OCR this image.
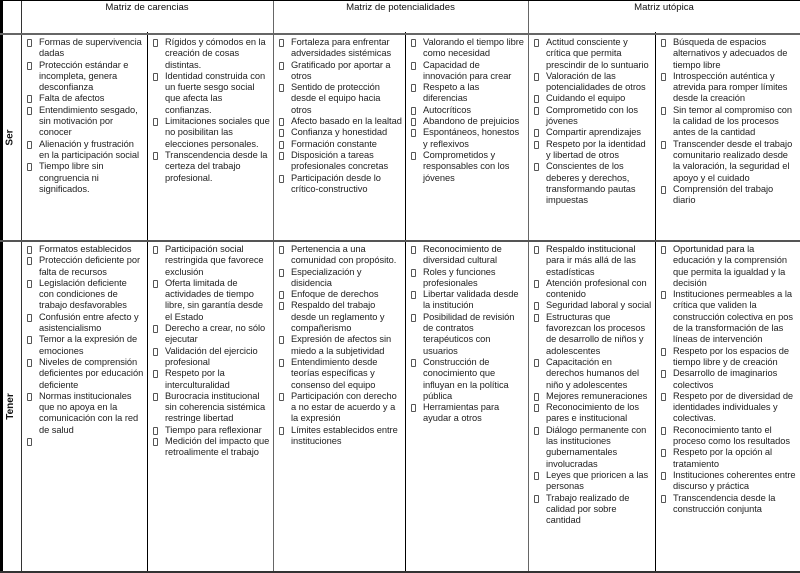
Matriz de carencias	Matriz de potencialidades	Matriz utópica
Ser
Tener
Formas de supervivencia dadas
Protección estándar e incompleta, genera desconfianza
Falta de afectos
Entendimiento sesgado, sin motivación por conocer
Alienación y frustración en la participación social
Tiempo libre sin congruencia ni significados.
Rígidos y cómodos en la creación de cosas distintas.
Identidad construida con un fuerte sesgo social que afecta las confianzas.
Limitaciones sociales que no posibilitan las elecciones personales.
Transcendencia desde la certeza del trabajo profesional.
Fortaleza para enfrentar adversidades sistémicas
Gratificado por aportar a otros
Sentido de protección desde el equipo hacia otros
Afecto basado en la lealtad
Confianza y honestidad
Formación constante
Disposición a tareas profesionales concretas
Participación desde lo crítico-constructivo
Valorando el tiempo libre como necesidad
Capacidad de innovación para crear
Respeto a las diferencias
Autocríticos
Abandono de prejuicios
Espontáneos, honestos y reflexivos
Comprometidos y responsables con los jóvenes
Actitud consciente y crítica que permita prescindir de lo suntuario
Valoración de las potencialidades de otros
Cuidando el equipo
Comprometido con los jóvenes
Compartir aprendizajes
Respeto por la identidad y libertad de otros
Conscientes de los deberes y derechos, transformando pautas impuestas
Búsqueda de espacios alternativos y adecuados de tiempo libre
Introspección auténtica y atrevida para romper límites desde la creación
Sin temor al compromiso con la calidad de los procesos antes de la cantidad
Transcender desde el trabajo comunitario realizado desde la valoración, la seguridad el apoyo y el cuidado
Comprensión del trabajo diario
Formatos establecidos
Protección deficiente por falta de recursos
Legislación deficiente con condiciones de trabajo desfavorables
Confusión entre afecto y asistencialismo
Temor a la expresión de emociones
Niveles de comprensión deficientes por educación deficiente
Normas institucionales que no apoya en la comunicación con la red de salud

Participación social restringida que favorece exclusión
Oferta limitada de actividades de tiempo libre, sin garantía desde el Estado
Derecho a crear, no sólo ejecutar
Validación del ejercicio profesional
Respeto por la interculturalidad
Burocracia institucional sin coherencia sistémica restringe libertad
Tiempo para reflexionar
Medición del impacto que retroalimente el trabajo
Pertenencia a una comunidad con propósito.
Especialización y disidencia
Enfoque de derechos
Respaldo del trabajo desde un reglamento y compañerismo
Expresión de afectos sin miedo a la subjetividad
Entendimiento desde teorías específicas y consenso del equipo
Participación con derecho a no estar de acuerdo y a la expresión
Límites establecidos entre instituciones
Reconocimiento de diversidad cultural
Roles y funciones profesionales
Libertar validada desde la institución
Posibilidad de revisión de contratos terapéuticos con usuarios
Construcción de conocimiento que influyan en la política pública
Herramientas para ayudar a otros
Respaldo institucional para ir más allá de las estadísticas
Atención profesional con contenido
Seguridad laboral y social
Estructuras que favorezcan los procesos de desarrollo de niños y adolescentes
Capacitación en derechos humanos del niño y adolescentes
Mejores remuneraciones
Reconocimiento de los pares e institucional
Diálogo permanente con las instituciones gubernamentales involucradas
Leyes que prioricen a las personas
Trabajo realizado de calidad por sobre cantidad
Oportunidad para la educación y la comprensión que permita la igualdad y la decisión
Instituciones permeables a la crítica que validen la construcción colectiva en pos de la transformación de las líneas de intervención
Respeto por los espacios de tiempo libre y de creación
Desarrollo de imaginarios colectivos
Respeto por de diversidad de identidades individuales y colectivas.
Reconocimiento tanto el proceso como los resultados
Respeto por la opción al tratamiento
Instituciones coherentes entre discurso y práctica
Transcendencia desde la construcción conjunta
